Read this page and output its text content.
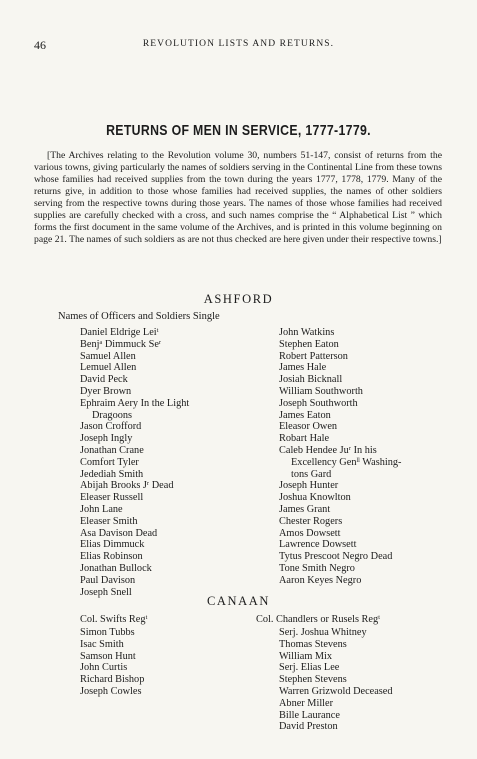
46	REVOLUTION LISTS AND RETURNS.
RETURNS OF MEN IN SERVICE, 1777-1779.

[The Archives relating to the Revolution volume 30, numbers 51-147, consist of returns from the various towns, giving particularly the names of soldiers serving in the Continental Line from these towns whose families had received supplies from the town during the years 1777, 1778, 1779. Many of the returns give, in addition to those whose families had received supplies, the names of other soldiers serving from the respective towns during those years. The names of those whose families had received supplies are carefully checked with a cross, and such names comprise the “ Alphabetical List ” which forms the first document in the same volume of the Archives, and is printed in this volume beginning on page 21. The names of such soldiers as are not thus checked are here given under their respective towns.]

ASHFORD
Names of Officers and Soldiers Single
Daniel Eldrige Leiᵗ
Benjᵃ Dimmuck Seʳ
Samuel Allen
Lemuel Allen
David Peck
Dyer Brown
Ephraim Aery In the Light
Dragoons
Jason Crofford
Joseph Ingly
Jonathan Crane
Comfort Tyler
Jedediah Smith
Abijah Brooks Jʳ Dead
Eleaser Russell
John Lane
Eleaser Smith
Asa Davison Dead
Elias Dimmuck
Elias Robinson
Jonathan Bullock
Paul Davison
Joseph Snell
John Watkins
Stephen Eaton
Robert Patterson
James Hale
Josiah Bicknall
William Southworth
Joseph Southworth
James Eaton
Eleasor Owen
Robart Hale
Caleb Hendee Juʳ In his
Excellency Genˡˡ Washing-
tons Gard
Joseph Hunter
Joshua Knowlton
James Grant
Chester Rogers
Amos Dowsett
Lawrence Dowsett
Tytus Prescoot Negro Dead
Tone Smith Negro
Aaron Keyes Negro
CANAAN
Col. Swifts Regᵗ	Col. Chandlers or Rusels Regᵗ
Simon Tubbs
Isac Smith
Samson Hunt
John Curtis
Richard Bishop
Joseph Cowles
Serj. Joshua Whitney
Thomas Stevens
William Mix
Serj. Elias Lee
Stephen Stevens
Warren Grizwold Deceased
Abner Miller
Bille Laurance
David Preston
